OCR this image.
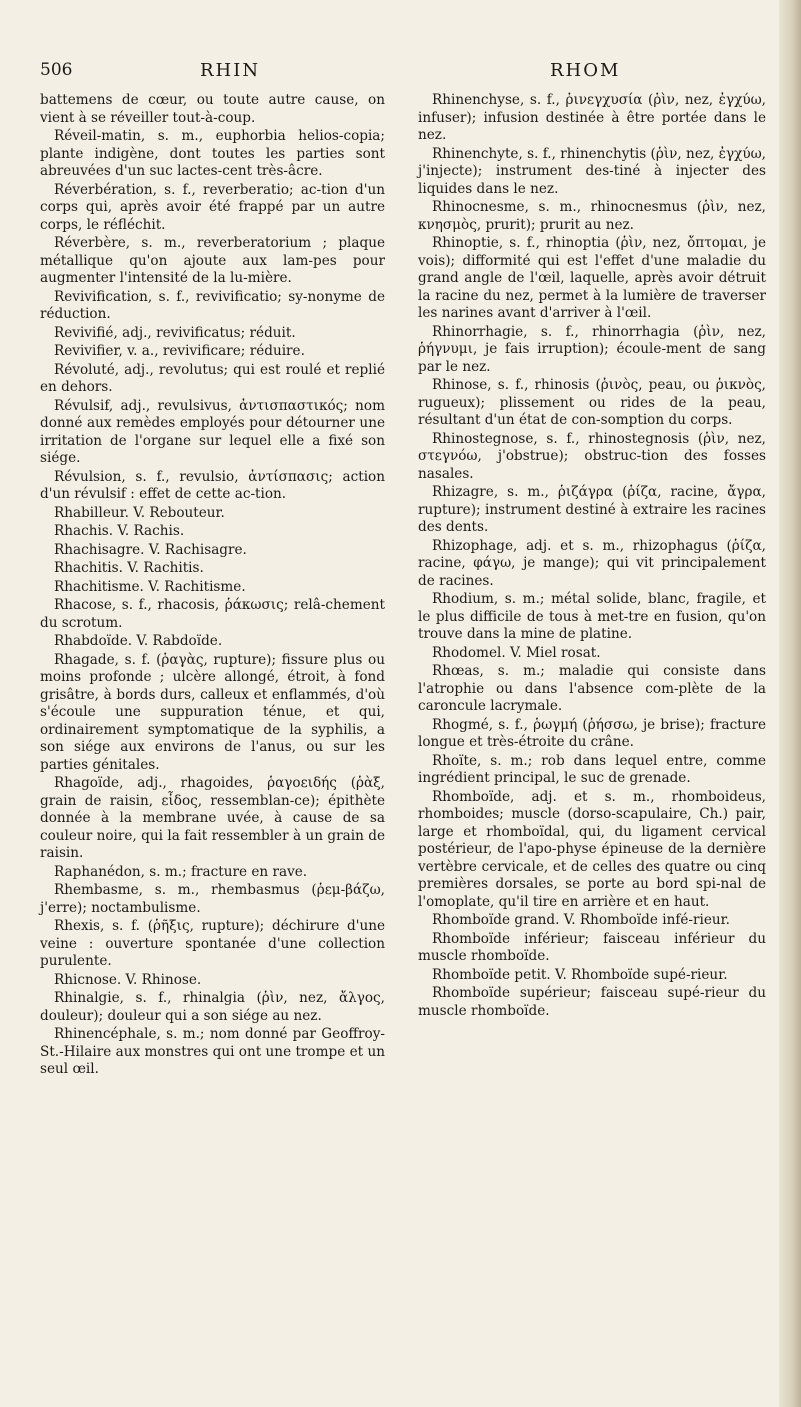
506	RHIN	RHOM

battemens de cœur, ou toute autre cause, on vient à se réveiller tout-à-coup.

Réveil-matin, s. m., euphorbia helios-copia; plante indigène, dont toutes les parties sont abreuvées d'un suc lactes-cent très-âcre.

Réverbération, s. f., reverberatio; ac-tion d'un corps qui, après avoir été frappé par un autre corps, le réfléchit.

Réverbère, s. m., reverberatorium ; plaque métallique qu'on ajoute aux lam-pes pour augmenter l'intensité de la lu-mière.

Revivification, s. f., revivificatio; sy-nonyme de réduction.

Revivifié, adj., revivificatus; réduit.

Revivifier, v. a., revivificare; réduire.

Révoluté, adj., revolutus; qui est roulé et replié en dehors.

Révulsif, adj., revulsivus, ἀντισπαστικός; nom donné aux remèdes employés pour détourner une irritation de l'organe sur lequel elle a fixé son siége.

Révulsion, s. f., revulsio, ἀντίσπασις; action d'un révulsif : effet de cette ac-tion.

Rhabilleur. V. Rebouteur.

Rhachis. V. Rachis.

Rhachisagre. V. Rachisagre.

Rhachitis. V. Rachitis.

Rhachitisme. V. Rachitisme.

Rhacose, s. f., rhacosis, ῥάκωσις; relâ-chement du scrotum.

Rhabdoïde. V. Rabdoïde.

Rhagade, s. f. (ῥαγὰς, rupture); fissure plus ou moins profonde ; ulcère allongé, étroit, à fond grisâtre, à bords durs, calleux et enflammés, d'où s'écoule une suppuration ténue, et qui, ordinairement symptomatique de la syphilis, a son siége aux environs de l'anus, ou sur les parties génitales.

Rhagoïde, adj., rhagoides, ῥαγοειδής (ῥὰξ, grain de raisin, εἶδος, ressemblan-ce); épithète donnée à la membrane uvée, à cause de sa couleur noire, qui la fait ressembler à un grain de raisin.

Raphanédon, s. m.; fracture en rave.

Rhembasme, s. m., rhembasmus (ῥεμ-βάζω, j'erre); noctambulisme.

Rhexis, s. f. (ῥῆξις, rupture); déchirure d'une veine : ouverture spontanée d'une collection purulente.

Rhicnose. V. Rhinose.

Rhinalgie, s. f., rhinalgia (ῥὶν, nez, ἄλγος, douleur); douleur qui a son siége au nez.

Rhinencéphale, s. m.; nom donné par Geoffroy-St.-Hilaire aux monstres qui ont une trompe et un seul œil.

Rhinenchyse, s. f., ῥινεγχυσία (ῥὶν, nez, ἐγχύω, infuser); infusion destinée à être portée dans le nez.

Rhinenchyte, s. f., rhinenchytis (ῥὶν, nez, ἐγχύω, j'injecte); instrument des-tiné à injecter des liquides dans le nez.

Rhinocnesme, s. m., rhinocnesmus (ῥὶν, nez, κνησμὸς, prurit); prurit au nez.

Rhinoptie, s. f., rhinoptia (ῥὶν, nez, ὄπτομαι, je vois); difformité qui est l'effet d'une maladie du grand angle de l'œil, laquelle, après avoir détruit la racine du nez, permet à la lumière de traverser les narines avant d'arriver à l'œil.

Rhinorrhagie, s. f., rhinorrhagia (ῥὶν, nez, ῥήγνυμι, je fais irruption); écoule-ment de sang par le nez.

Rhinose, s. f., rhinosis (ῥινὸς, peau, ou ῥικνὸς, rugueux); plissement ou rides de la peau, résultant d'un état de con-somption du corps.

Rhinostegnose, s. f., rhinostegnosis (ῥὶν, nez, στεγνόω, j'obstrue); obstruc-tion des fosses nasales.

Rhizagre, s. m., ῥιζάγρα (ῥίζα, racine, ἄγρα, rupture); instrument destiné à extraire les racines des dents.

Rhizophage, adj. et s. m., rhizophagus (ῥίζα, racine, φάγω, je mange); qui vit principalement de racines.

Rhodium, s. m.; métal solide, blanc, fragile, et le plus difficile de tous à met-tre en fusion, qu'on trouve dans la mine de platine.

Rhodomel. V. Miel rosat.

Rhœas, s. m.; maladie qui consiste dans l'atrophie ou dans l'absence com-plète de la caroncule lacrymale.

Rhogmé, s. f., ῥωγμή (ῥήσσω, je brise); fracture longue et très-étroite du crâne.

Rhoïte, s. m.; rob dans lequel entre, comme ingrédient principal, le suc de grenade.

Rhomboïde, adj. et s. m., rhomboideus, rhomboides; muscle (dorso-scapulaire, Ch.) pair, large et rhomboïdal, qui, du ligament cervical postérieur, de l'apo-physe épineuse de la dernière vertèbre cervicale, et de celles des quatre ou cinq premières dorsales, se porte au bord spi-nal de l'omoplate, qu'il tire en arrière et en haut.

Rhomboïde grand. V. Rhomboïde infé-rieur.

Rhomboïde inférieur; faisceau inférieur du muscle rhomboïde.

Rhomboïde petit. V. Rhomboïde supé-rieur.

Rhomboïde supérieur; faisceau supé-rieur du muscle rhomboïde.
